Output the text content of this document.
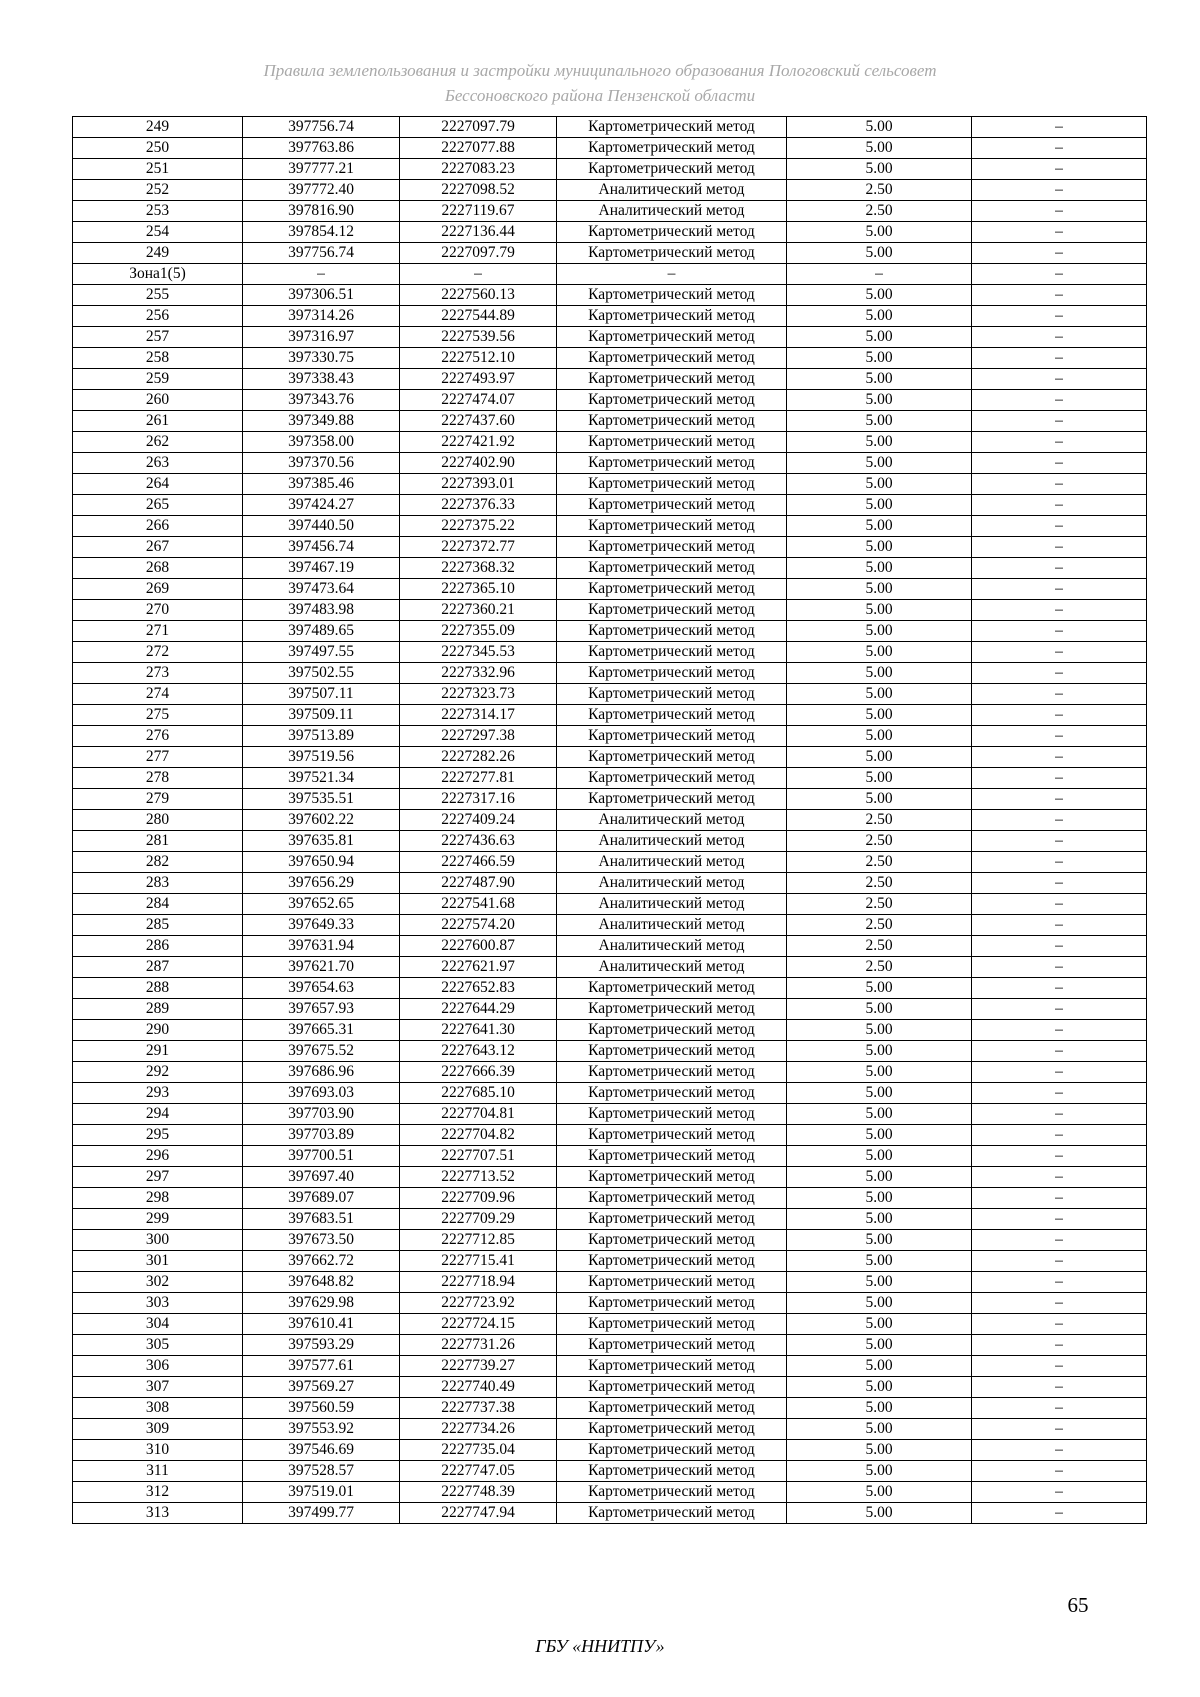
Правила землепользования и застройки муниципального образования Пологовский сельсовет
Бессоновского района Пензенской области
249	397756.74	2227097.79	Картометрический метод	5.00	–
250	397763.86	2227077.88	Картометрический метод	5.00	–
251	397777.21	2227083.23	Картометрический метод	5.00	–
252	397772.40	2227098.52	Аналитический метод	2.50	–
253	397816.90	2227119.67	Аналитический метод	2.50	–
254	397854.12	2227136.44	Картометрический метод	5.00	–
249	397756.74	2227097.79	Картометрический метод	5.00	–
Зона1(5)	–	–	–	–	–
255	397306.51	2227560.13	Картометрический метод	5.00	–
256	397314.26	2227544.89	Картометрический метод	5.00	–
257	397316.97	2227539.56	Картометрический метод	5.00	–
258	397330.75	2227512.10	Картометрический метод	5.00	–
259	397338.43	2227493.97	Картометрический метод	5.00	–
260	397343.76	2227474.07	Картометрический метод	5.00	–
261	397349.88	2227437.60	Картометрический метод	5.00	–
262	397358.00	2227421.92	Картометрический метод	5.00	–
263	397370.56	2227402.90	Картометрический метод	5.00	–
264	397385.46	2227393.01	Картометрический метод	5.00	–
265	397424.27	2227376.33	Картометрический метод	5.00	–
266	397440.50	2227375.22	Картометрический метод	5.00	–
267	397456.74	2227372.77	Картометрический метод	5.00	–
268	397467.19	2227368.32	Картометрический метод	5.00	–
269	397473.64	2227365.10	Картометрический метод	5.00	–
270	397483.98	2227360.21	Картометрический метод	5.00	–
271	397489.65	2227355.09	Картометрический метод	5.00	–
272	397497.55	2227345.53	Картометрический метод	5.00	–
273	397502.55	2227332.96	Картометрический метод	5.00	–
274	397507.11	2227323.73	Картометрический метод	5.00	–
275	397509.11	2227314.17	Картометрический метод	5.00	–
276	397513.89	2227297.38	Картометрический метод	5.00	–
277	397519.56	2227282.26	Картометрический метод	5.00	–
278	397521.34	2227277.81	Картометрический метод	5.00	–
279	397535.51	2227317.16	Картометрический метод	5.00	–
280	397602.22	2227409.24	Аналитический метод	2.50	–
281	397635.81	2227436.63	Аналитический метод	2.50	–
282	397650.94	2227466.59	Аналитический метод	2.50	–
283	397656.29	2227487.90	Аналитический метод	2.50	–
284	397652.65	2227541.68	Аналитический метод	2.50	–
285	397649.33	2227574.20	Аналитический метод	2.50	–
286	397631.94	2227600.87	Аналитический метод	2.50	–
287	397621.70	2227621.97	Аналитический метод	2.50	–
288	397654.63	2227652.83	Картометрический метод	5.00	–
289	397657.93	2227644.29	Картометрический метод	5.00	–
290	397665.31	2227641.30	Картометрический метод	5.00	–
291	397675.52	2227643.12	Картометрический метод	5.00	–
292	397686.96	2227666.39	Картометрический метод	5.00	–
293	397693.03	2227685.10	Картометрический метод	5.00	–
294	397703.90	2227704.81	Картометрический метод	5.00	–
295	397703.89	2227704.82	Картометрический метод	5.00	–
296	397700.51	2227707.51	Картометрический метод	5.00	–
297	397697.40	2227713.52	Картометрический метод	5.00	–
298	397689.07	2227709.96	Картометрический метод	5.00	–
299	397683.51	2227709.29	Картометрический метод	5.00	–
300	397673.50	2227712.85	Картометрический метод	5.00	–
301	397662.72	2227715.41	Картометрический метод	5.00	–
302	397648.82	2227718.94	Картометрический метод	5.00	–
303	397629.98	2227723.92	Картометрический метод	5.00	–
304	397610.41	2227724.15	Картометрический метод	5.00	–
305	397593.29	2227731.26	Картометрический метод	5.00	–
306	397577.61	2227739.27	Картометрический метод	5.00	–
307	397569.27	2227740.49	Картометрический метод	5.00	–
308	397560.59	2227737.38	Картометрический метод	5.00	–
309	397553.92	2227734.26	Картометрический метод	5.00	–
310	397546.69	2227735.04	Картометрический метод	5.00	–
311	397528.57	2227747.05	Картометрический метод	5.00	–
312	397519.01	2227748.39	Картометрический метод	5.00	–
313	397499.77	2227747.94	Картометрический метод	5.00	–
65
ГБУ «ННИТПУ»
